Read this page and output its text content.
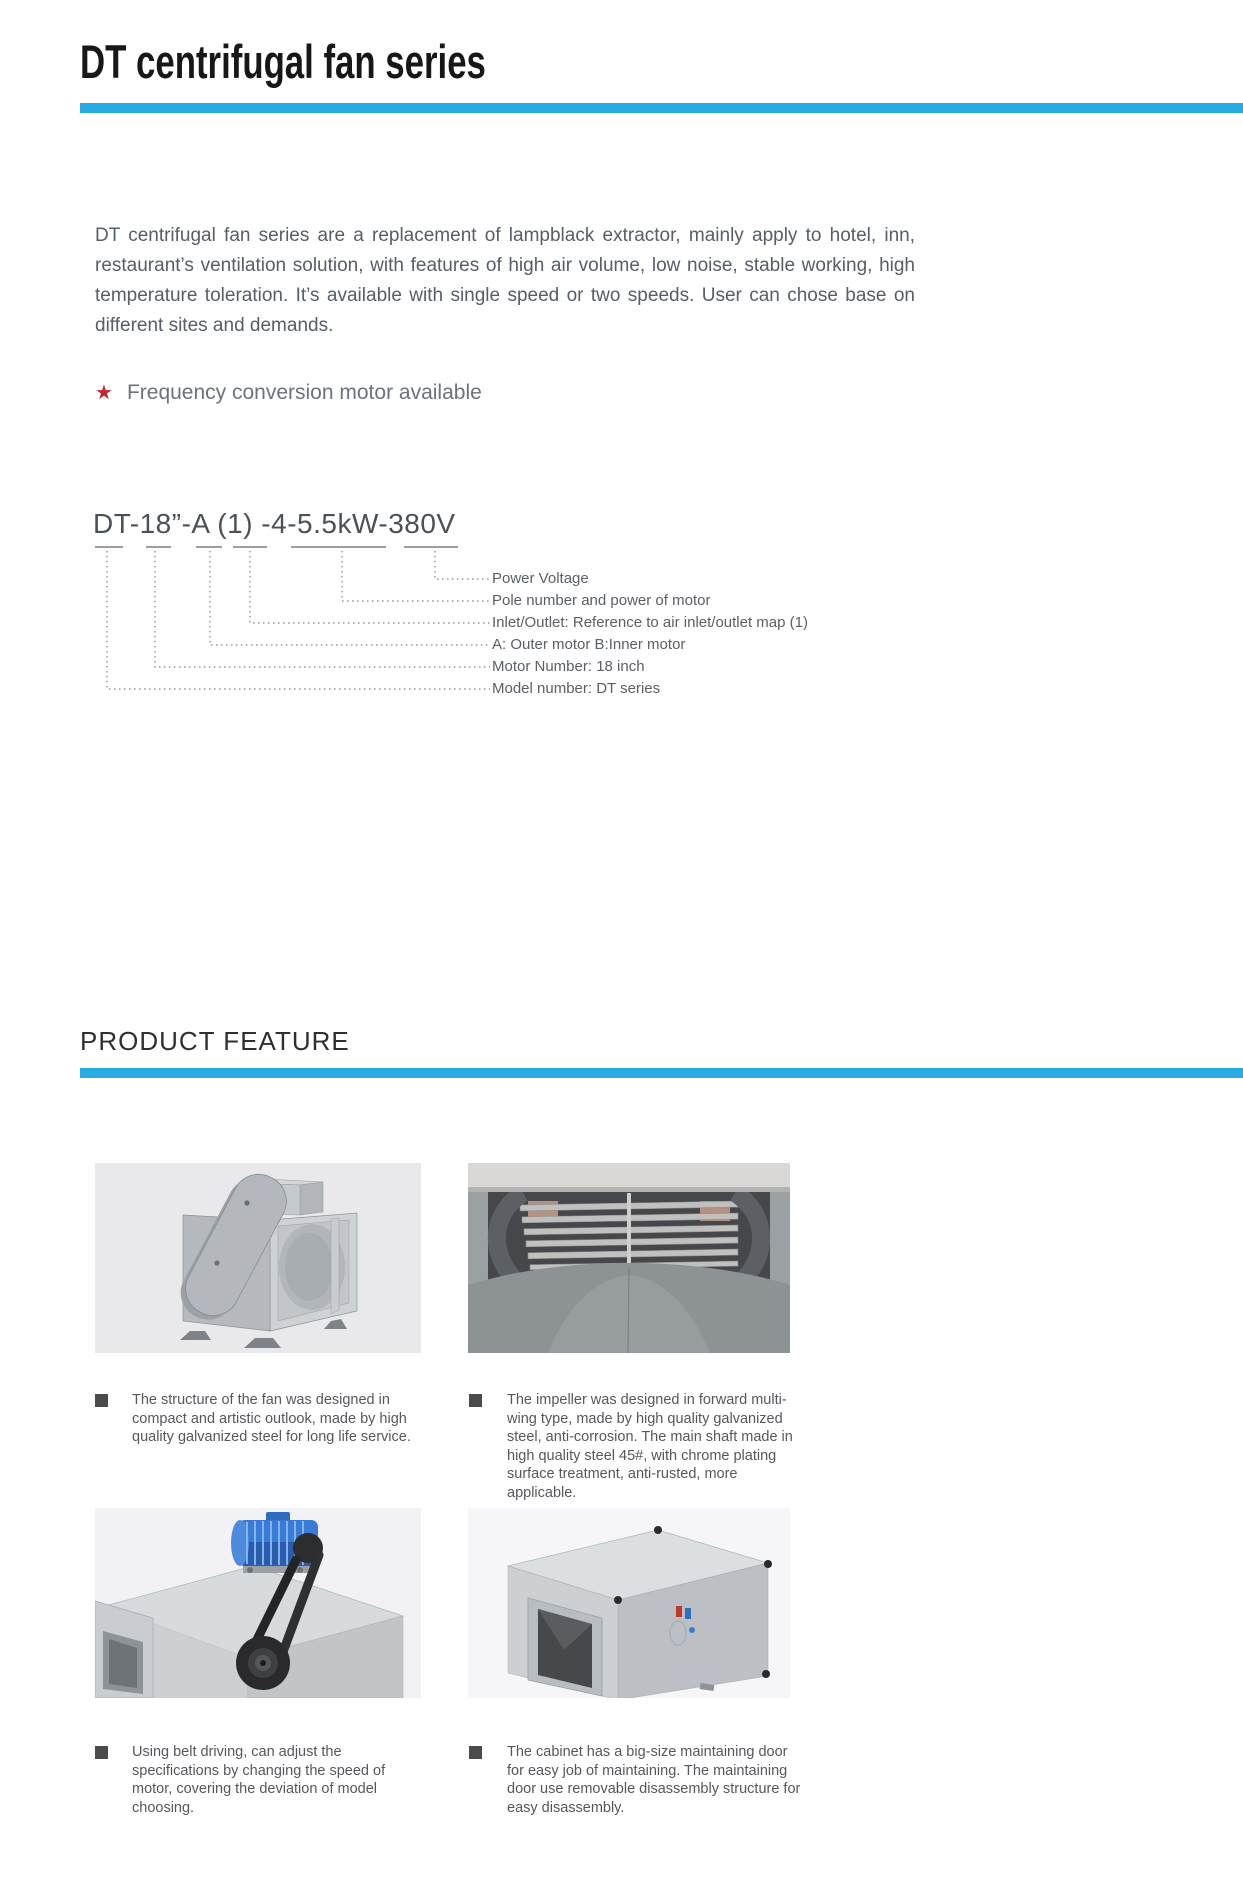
DT centrifugal fan series
DT centrifugal fan series are a replacement of lampblack extractor, mainly apply to hotel, inn, restaurant’s ventilation solution, with features of high air volume, low noise, stable working, high temperature toleration. It’s available with single speed or two speeds. User can chose base on different sites and demands.
★ Frequency conversion motor available
DT-18”-A (1) -4-5.5kW-380V
Power Voltage
Pole number and power of motor
Inlet/Outlet: Reference to air inlet/outlet map (1)
A: Outer motor B:Inner motor
Motor Number: 18 inch
Model number: DT series
PRODUCT FEATURE
The structure of the fan was designed in compact and artistic outlook, made by high quality galvanized steel for long life service.
The impeller was designed in forward multi-wing type, made by high quality galvanized steel, anti-corrosion. The main shaft made in high quality steel 45#, with chrome plating surface treatment, anti-rusted, more applicable.
Using belt driving, can adjust the specifications by changing the speed of motor, covering the deviation of model choosing.
The cabinet has a big-size maintaining door for easy job of maintaining. The maintaining door use removable disassembly structure for easy disassembly.
